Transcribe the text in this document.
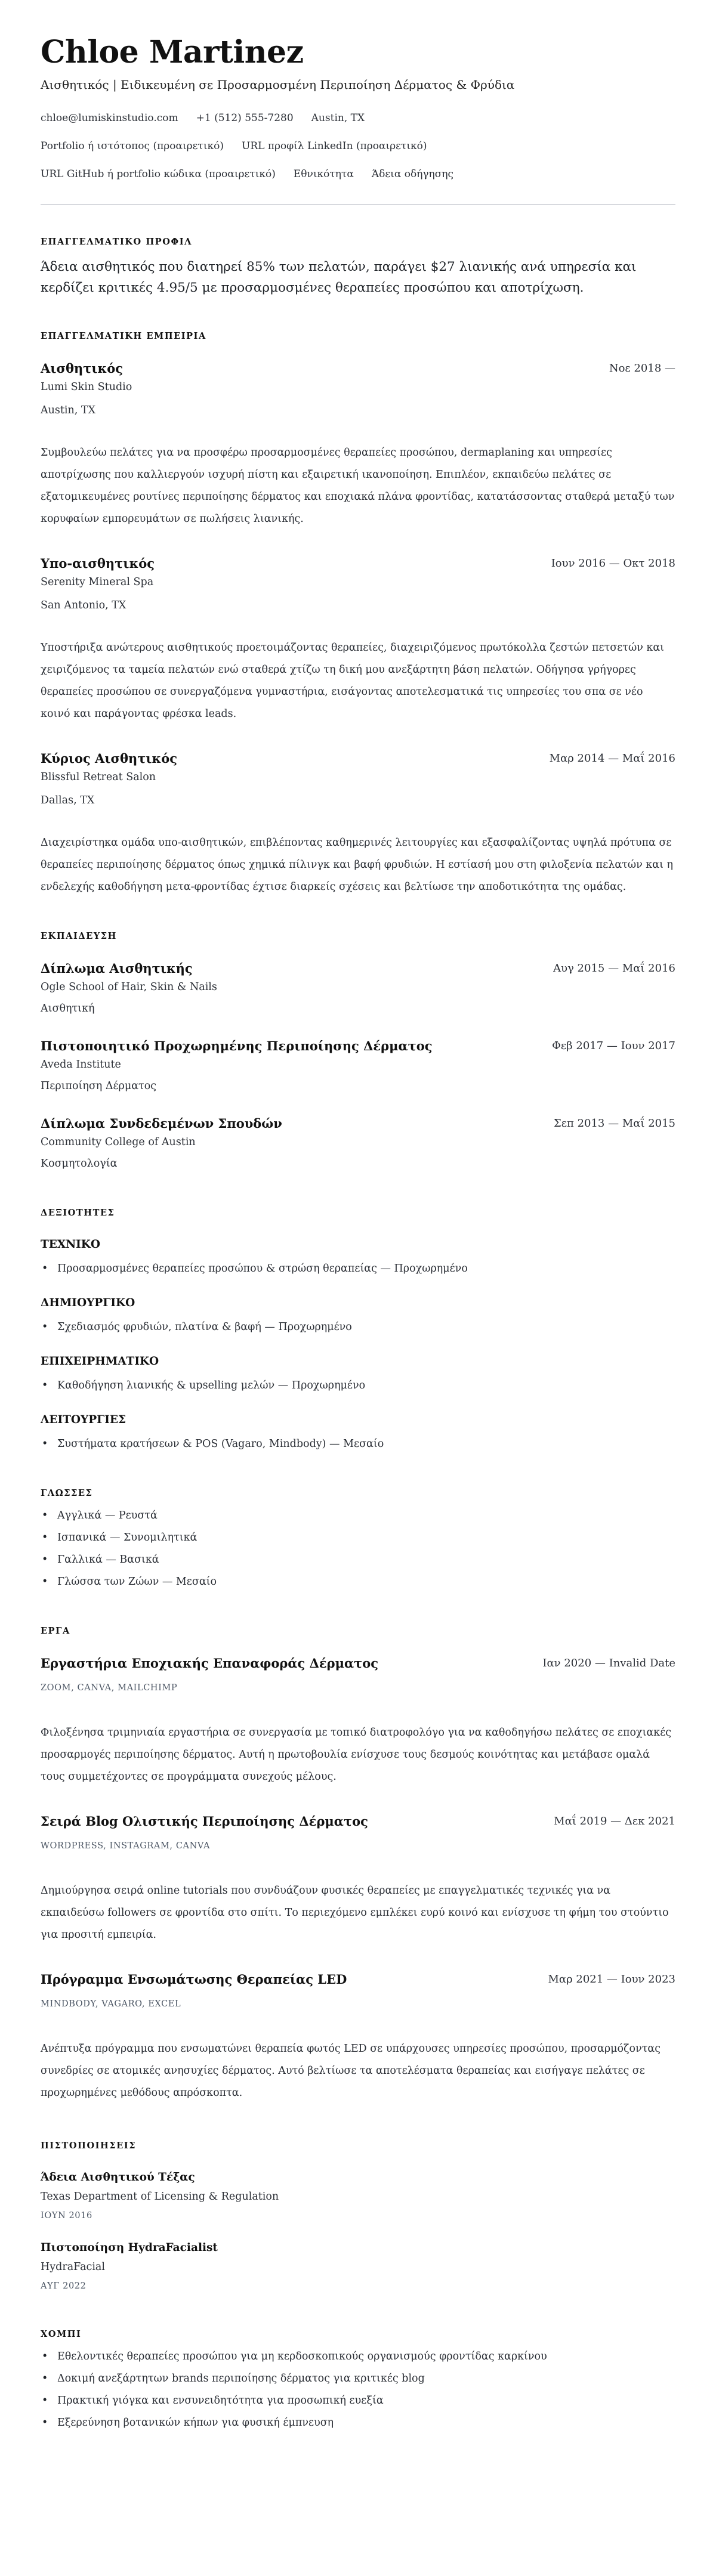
Chloe Martinez
Αισθητικός | Ειδικευμένη σε Προσαρμοσμένη Περιποίηση Δέρματος & Φρύδια
chloe@lumiskinstudio.com +1 (512) 555-7280 Austin, TX
Portfolio ή ιστότοπος (προαιρετικό) URL προφίλ LinkedIn (προαιρετικό)
URL GitHub ή portfolio κώδικα (προαιρετικό) Εθνικότητα Άδεια οδήγησης
ΕΠΑΓΓΕΛΜΑΤΙΚΟ ΠΡΟΦΙΛ

Άδεια αισθητικός που διατηρεί 85% των πελατών, παράγει $27 λιανικής ανά υπηρεσία και κερδίζει κριτικές 4.95/5 με προσαρμοσμένες θεραπείες προσώπου και αποτρίχωση.

ΕΠΑΓΓΕΛΜΑΤΙΚΗ ΕΜΠΕΙΡΙΑ
Αισθητικός	Νοε 2018 —
Lumi Skin Studio
Austin, TX

Συμβουλεύω πελάτες για να προσφέρω προσαρμοσμένες θεραπείες προσώπου, dermaplaning και υπηρεσίες αποτρίχωσης που καλλιεργούν ισχυρή πίστη και εξαιρετική ικανοποίηση. Επιπλέον, εκπαιδεύω πελάτες σε εξατομικευμένες ρουτίνες περιποίησης δέρματος και εποχιακά πλάνα φροντίδας, κατατάσσοντας σταθερά μεταξύ των κορυφαίων εμπορευμάτων σε πωλήσεις λιανικής.

Υπο-αισθητικός	Ιουν 2016 — Οκτ 2018
Serenity Mineral Spa
San Antonio, TX

Υποστήριξα ανώτερους αισθητικούς προετοιμάζοντας θεραπείες, διαχειριζόμενος πρωτόκολλα ζεστών πετσετών και χειριζόμενος τα ταμεία πελατών ενώ σταθερά χτίζω τη δική μου ανεξάρτητη βάση πελατών. Οδήγησα γρήγορες θεραπείες προσώπου σε συνεργαζόμενα γυμναστήρια, εισάγοντας αποτελεσματικά τις υπηρεσίες του σπα σε νέο κοινό και παράγοντας φρέσκα leads.

Κύριος Αισθητικός	Μαρ 2014 — Μαΐ 2016
Blissful Retreat Salon
Dallas, TX

Διαχειρίστηκα ομάδα υπο-αισθητικών, επιβλέποντας καθημερινές λειτουργίες και εξασφαλίζοντας υψηλά πρότυπα σε θεραπείες περιποίησης δέρματος όπως χημικά πίλινγκ και βαφή φρυδιών. Η εστίασή μου στη φιλοξενία πελατών και η ενδελεχής καθοδήγηση μετα-φροντίδας έχτισε διαρκείς σχέσεις και βελτίωσε την αποδοτικότητα της ομάδας.

ΕΚΠΑΙΔΕΥΣΗ
Δίπλωμα Αισθητικής	Αυγ 2015 — Μαΐ 2016
Ogle School of Hair, Skin & Nails
Αισθητική
Πιστοποιητικό Προχωρημένης Περιποίησης Δέρματος	Φεβ 2017 — Ιουν 2017
Aveda Institute
Περιποίηση Δέρματος
Δίπλωμα Συνδεδεμένων Σπουδών	Σεπ 2013 — Μαΐ 2015
Community College of Austin
Κοσμητολογία
ΔΕΞΙΟΤΗΤΕΣ
ΤΕΧΝΙΚΟ
• Προσαρμοσμένες θεραπείες προσώπου & στρώση θεραπείας — Προχωρημένο
ΔΗΜΙΟΥΡΓΙΚΟ
• Σχεδιασμός φρυδιών, πλατίνα & βαφή — Προχωρημένο
ΕΠΙΧΕΙΡΗΜΑΤΙΚΟ
• Καθοδήγηση λιανικής & upselling μελών — Προχωρημένο
ΛΕΙΤΟΥΡΓΙΕΣ
• Συστήματα κρατήσεων & POS (Vagaro, Mindbody) — Μεσαίο
ΓΛΩΣΣΕΣ
• Αγγλικά — Ρευστά
• Ισπανικά — Συνομιλητικά
• Γαλλικά — Βασικά
• Γλώσσα των Ζώων — Μεσαίο
ΕΡΓΑ
Εργαστήρια Εποχιακής Επαναφοράς Δέρματος	Ιαν 2020 — Invalid Date
ZOOM, CANVA, MAILCHIMP

Φιλοξένησα τριμηνιαία εργαστήρια σε συνεργασία με τοπικό διατροφολόγο για να καθοδηγήσω πελάτες σε εποχιακές προσαρμογές περιποίησης δέρματος. Αυτή η πρωτοβουλία ενίσχυσε τους δεσμούς κοινότητας και μετάβασε ομαλά τους συμμετέχοντες σε προγράμματα συνεχούς μέλους.

Σειρά Blog Ολιστικής Περιποίησης Δέρματος	Μαΐ 2019 — Δεκ 2021
WORDPRESS, INSTAGRAM, CANVA

Δημιούργησα σειρά online tutorials που συνδυάζουν φυσικές θεραπείες με επαγγελματικές τεχνικές για να εκπαιδεύσω followers σε φροντίδα στο σπίτι. Το περιεχόμενο εμπλέκει ευρύ κοινό και ενίσχυσε τη φήμη του στούντιο για προσιτή εμπειρία.

Πρόγραμμα Ενσωμάτωσης Θεραπείας LED	Μαρ 2021 — Ιουν 2023
MINDBODY, VAGARO, EXCEL

Ανέπτυξα πρόγραμμα που ενσωματώνει θεραπεία φωτός LED σε υπάρχουσες υπηρεσίες προσώπου, προσαρμόζοντας συνεδρίες σε ατομικές ανησυχίες δέρματος. Αυτό βελτίωσε τα αποτελέσματα θεραπείας και εισήγαγε πελάτες σε προχωρημένες μεθόδους απρόσκοπτα.

ΠΙΣΤΟΠΟΙΗΣΕΙΣ
Άδεια Αισθητικού Τέξας
Texas Department of Licensing & Regulation
ΙΟΥΝ 2016
Πιστοποίηση HydraFacialist
HydraFacial
ΑΥΓ 2022
ΧΟΜΠΙ
• Εθελοντικές θεραπείες προσώπου για μη κερδοσκοπικούς οργανισμούς φροντίδας καρκίνου
• Δοκιμή ανεξάρτητων brands περιποίησης δέρματος για κριτικές blog
• Πρακτική γιόγκα και ενσυνειδητότητα για προσωπική ευεξία
• Εξερεύνηση βοτανικών κήπων για φυσική έμπνευση
